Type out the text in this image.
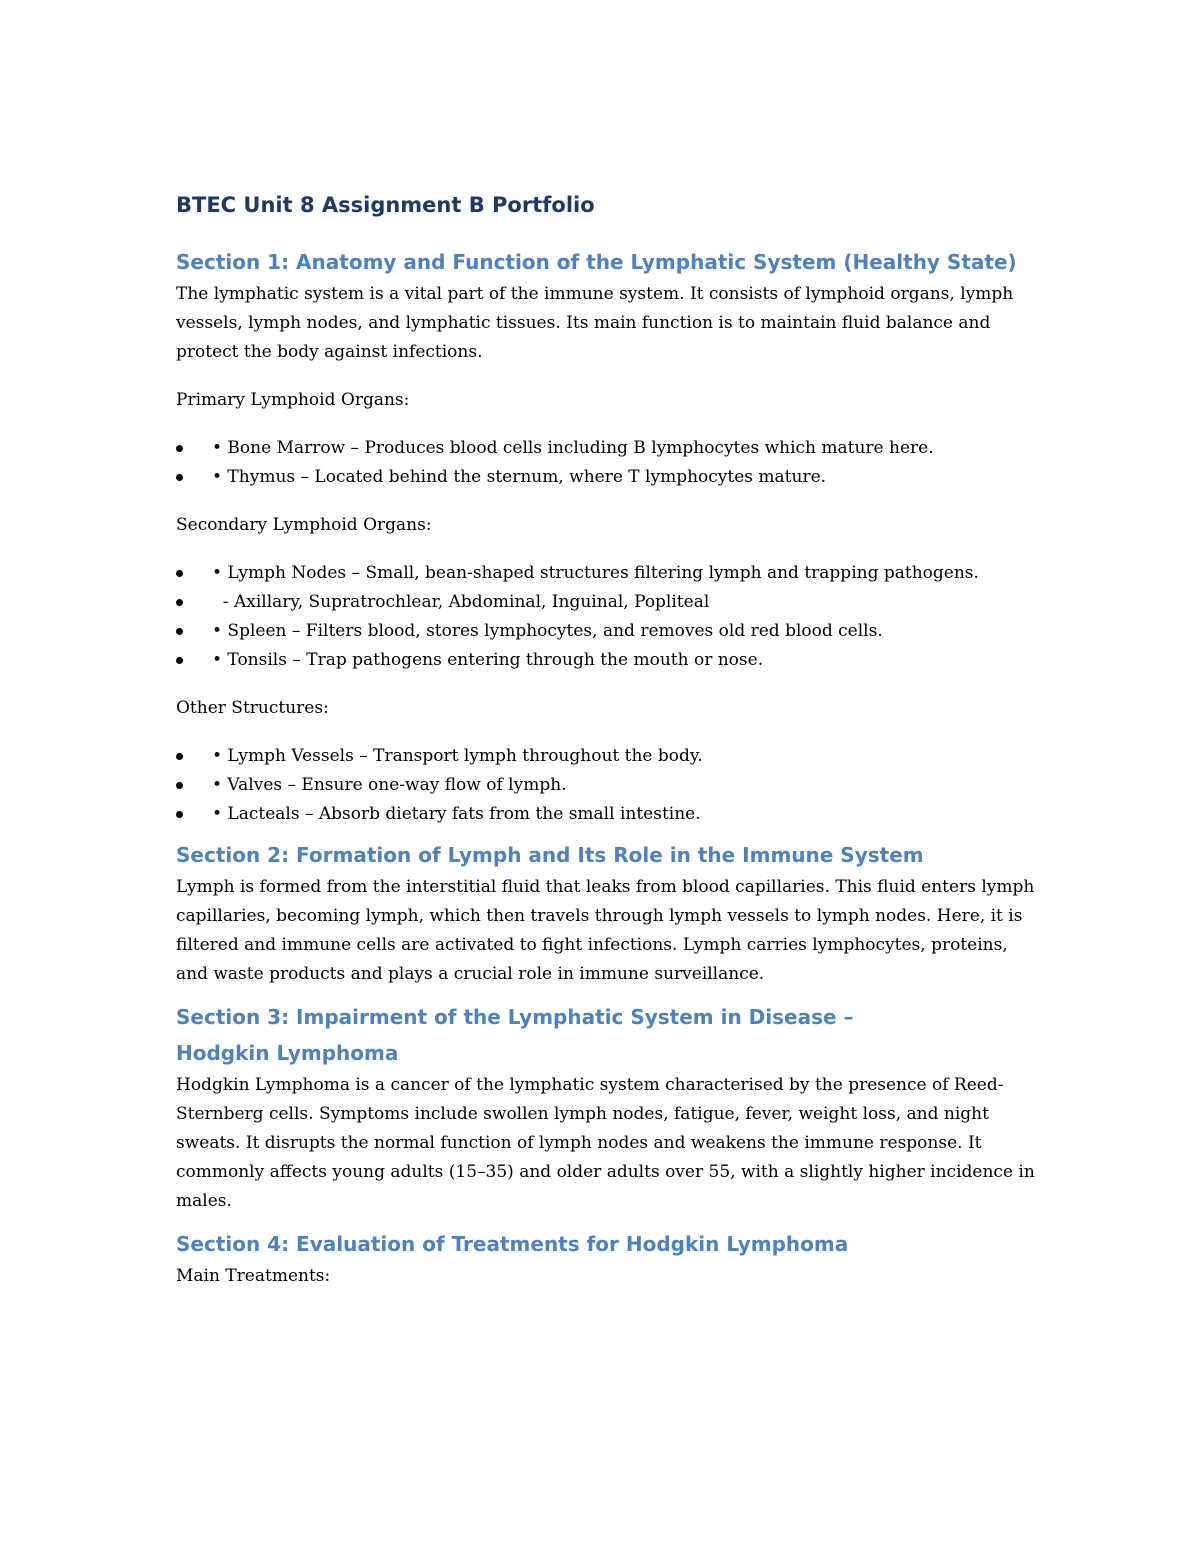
BTEC Unit 8 Assignment B Portfolio
Section 1: Anatomy and Function of the Lymphatic System (Healthy State)
The lymphatic system is a vital part of the immune system. It consists of lymphoid organs, lymph vessels, lymph nodes, and lymphatic tissues. Its main function is to maintain fluid balance and protect the body against infections.
Primary Lymphoid Organs:
• Bone Marrow – Produces blood cells including B lymphocytes which mature here.
• Thymus – Located behind the sternum, where T lymphocytes mature.
Secondary Lymphoid Organs:
• Lymph Nodes – Small, bean-shaped structures filtering lymph and trapping pathogens.
- Axillary, Supratrochlear, Abdominal, Inguinal, Popliteal
• Spleen – Filters blood, stores lymphocytes, and removes old red blood cells.
• Tonsils – Trap pathogens entering through the mouth or nose.
Other Structures:
• Lymph Vessels – Transport lymph throughout the body.
• Valves – Ensure one-way flow of lymph.
• Lacteals – Absorb dietary fats from the small intestine.
Section 2: Formation of Lymph and Its Role in the Immune System
Lymph is formed from the interstitial fluid that leaks from blood capillaries. This fluid enters lymph capillaries, becoming lymph, which then travels through lymph vessels to lymph nodes. Here, it is filtered and immune cells are activated to fight infections. Lymph carries lymphocytes, proteins, and waste products and plays a crucial role in immune surveillance.
Section 3: Impairment of the Lymphatic System in Disease – Hodgkin Lymphoma
Hodgkin Lymphoma is a cancer of the lymphatic system characterised by the presence of Reed-Sternberg cells. Symptoms include swollen lymph nodes, fatigue, fever, weight loss, and night sweats. It disrupts the normal function of lymph nodes and weakens the immune response. It commonly affects young adults (15–35) and older adults over 55, with a slightly higher incidence in males.
Section 4: Evaluation of Treatments for Hodgkin Lymphoma
Main Treatments:
